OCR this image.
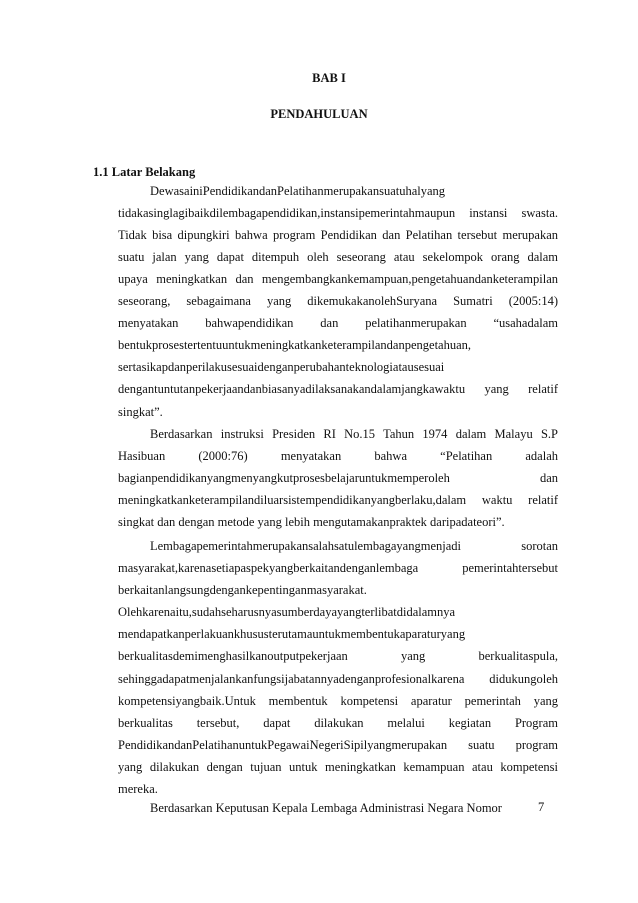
BAB I
PENDAHULUAN
1.1 Latar Belakang
DewasainiPendidikandanPelatihanmerupakansuatuhalyang
tidakasinglagibaikdilembagapendidikan,instansipemerintahmaupun instansi swasta.
Tidak bisa dipungkiri bahwa program Pendidikan dan Pelatihan tersebut merupakan
suatu jalan yang dapat ditempuh oleh seseorang atau sekelompok orang dalam
upaya meningkatkan dan mengembangkankemampuan,pengetahuandanketerampilan
seseorang, sebagaimana yang dikemukakanolehSuryana Sumatri (2005:14)
menyatakan bahwapendidikan dan pelatihanmerupakan “usahadalam
bentukprosestertentuuntukmeningkatkanketerampilandanpengetahuan,
sertasikapdanperilakusesuaidenganperubahanteknologiatausesuai
dengantuntutanpekerjaandanbiasanyadilaksanakandalamjangkawaktu yang relatif
singkat”.
Berdasarkan instruksi Presiden RI No.15 Tahun 1974 dalam Malayu S.P
Hasibuan (2000:76) menyatakan bahwa “Pelatihan adalah
bagianpendidikanyangmenyangkutprosesbelajaruntukmemperoleh dan
meningkatkanketerampilandiluarsistempendidikanyangberlaku,dalam waktu relatif
singkat dan dengan metode yang lebih mengutamakanpraktek daripadateori”.
Lembagapemerintahmerupakansalahsatulembagayangmenjadi sorotan
masyarakat,karenasetiapaspekyangberkaitandenganlembaga pemerintahtersebut
berkaitanlangsungdengankepentinganmasyarakat.
Olehkarenaitu,sudahseharusnyasumberdayayangterlibatdidalamnya
mendapatkanperlakuankhususteruta​mauntukmembentukaparaturyang
berkualitasdemimenghasilkanoutputpekerjaan yang berkualitaspula,
sehinggadapatmenjalankanfungsijabatannyadenganprofesionalkarena didukungoleh
kompetensiyangbaik.Untuk membentuk kompetensi aparatur pemerintah yang
berkualitas tersebut, dapat dilakukan melalui kegiatan Program
PendidikandanPelatihanuntukPegawaiNegeriSipilyangmerupakan suatu program
yang dilakukan dengan tujuan untuk meningkatkan kemampuan atau kompetensi
mereka.
Berdasarkan Keputusan Kepala Lembaga Administrasi Negara Nomor	7
